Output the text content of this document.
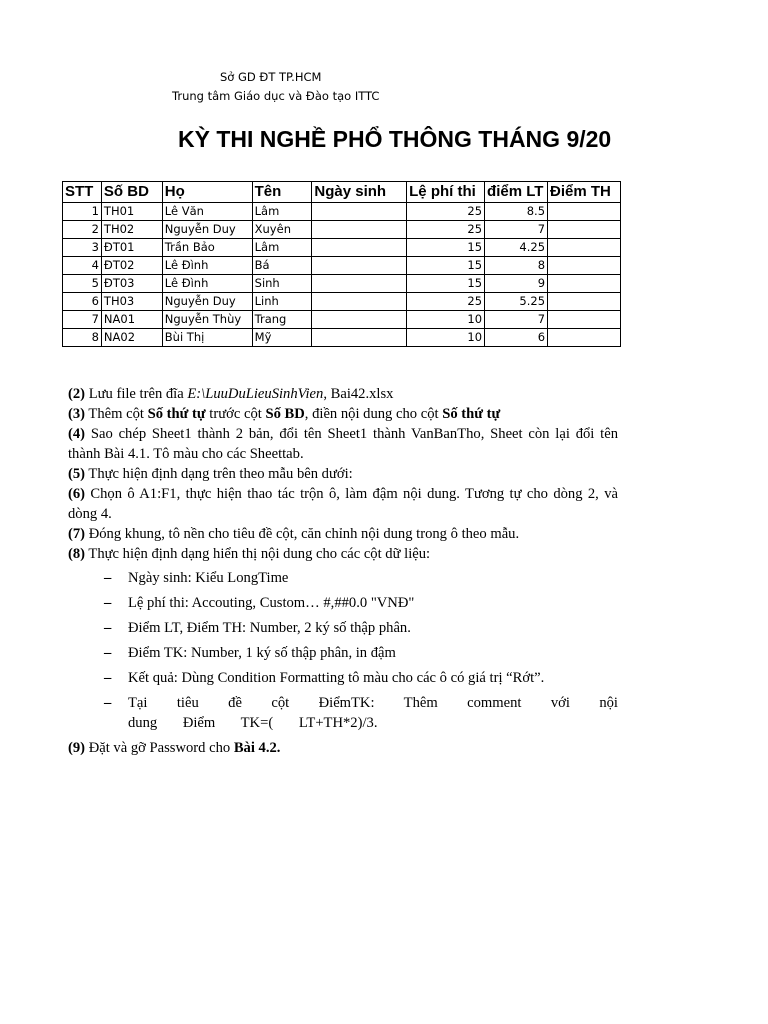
Sở GD ĐT TP.HCM
Trung tâm Giáo dục và Đào tạo ITTC
KỲ THI NGHỀ PHỔ THÔNG THÁNG 9/20
STT	Số BD	Họ	Tên	Ngày sinh	Lệ phí thi	điểm LT	Điểm TH
1	TH01	Lê Văn	Lâm		25	8.5	
2	TH02	Nguyễn Duy	Xuyên		25	7	
3	ĐT01	Trần Bảo	Lâm		15	4.25	
4	ĐT02	Lê Đình	Bá		15	8	
5	ĐT03	Lê Đình	Sinh		15	9	
6	TH03	Nguyễn Duy	Linh		25	5.25	
7	NA01	Nguyễn Thùy	Trang		10	7	
8	NA02	Bùi Thị	Mỹ		10	6	

(2) Lưu file trên đĩa E:\LuuDuLieuSinhVien, Bai42.xlsx

(3) Thêm cột Số thứ tự trước cột Số BD, điền nội dung cho cột Số thứ tự

(4) Sao chép Sheet1 thành 2 bản, đổi tên Sheet1 thành VanBanTho, Sheet còn lại đổi tên thành Bài 4.1. Tô màu cho các Sheettab.

(5) Thực hiện định dạng trên theo mẫu bên dưới:

(6) Chọn ô A1:F1, thực hiện thao tác trộn ô, làm đậm nội dung. Tương tự cho dòng 2, và dòng 4.

(7) Đóng khung, tô nền cho tiêu đề cột, căn chỉnh nội dung trong ô theo mẫu.

(8) Thực hiện định dạng hiển thị nội dung cho các cột dữ liệu:

– Ngày sinh: Kiểu LongTime
– Lệ phí thi: Accouting, Custom… #,##0.0 "VNĐ"
– Điểm LT, Điểm TH: Number, 2 ký số thập phân.
– Điểm TK: Number, 1 ký số thập phân, in đậm
– Kết quả: Dùng Condition Formatting tô màu cho các ô có giá trị “Rớt”.
– Tại tiêu đề cột ĐiểmTK: Thêm comment với nội dung Điểm TK=( LT+TH*2)/3.

(9) Đặt và gỡ Password cho Bài 4.2.
